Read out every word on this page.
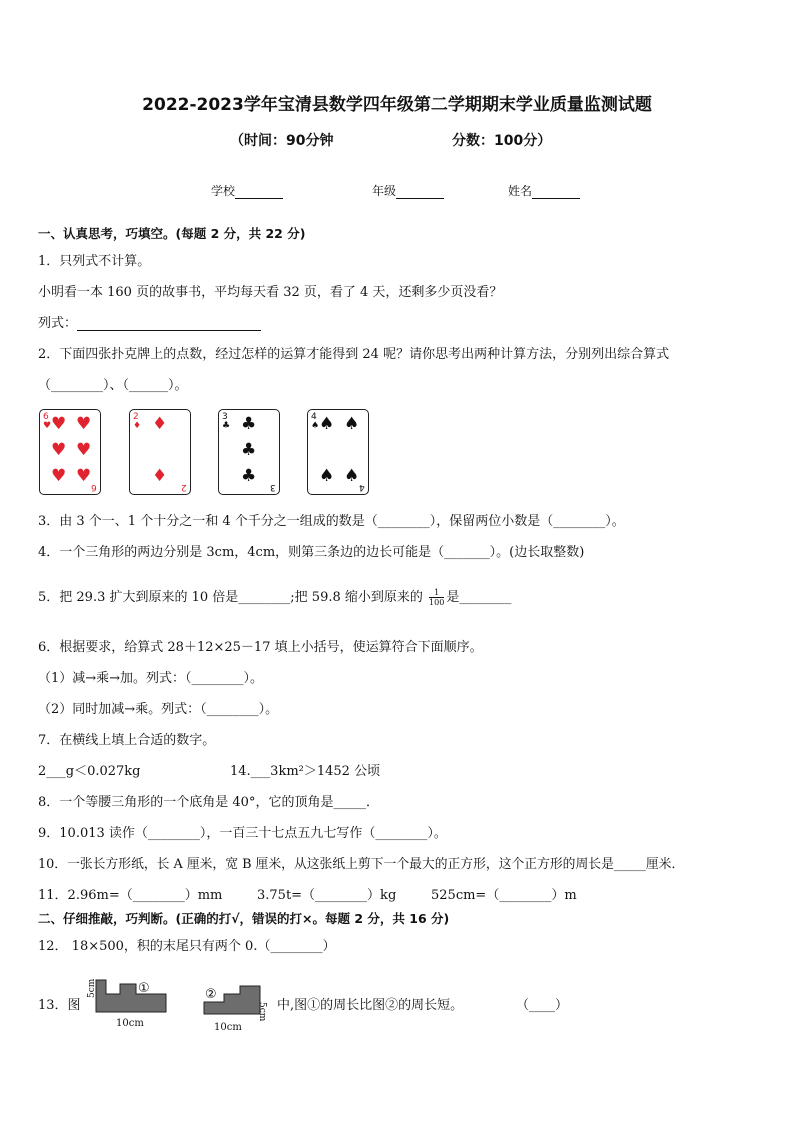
2022-2023学年宝清县数学四年级第二学期期末学业质量监测试题
（时间：90分钟	分数：100分）
学校	年级	姓名
一、认真思考，巧填空。(每题 2 分，共 22 分)
1．只列式不计算。
小明看一本 160 页的故事书，平均每天看 32 页，看了 4 天，还剩多少页没看？
列式：
2．下面四张扑克牌上的点数，经过怎样的运算才能得到 24 呢？请你思考出两种计算方法，分别列出综合算式
（________）、（______）。
6
♥ ♥ ♥
♥ ♥
♥ ♥
6
2
♦ ♦
♦
2
3
♣ ♣
♣
♣
3
4
♠ ♠ ♠
♠ ♠
4
3．由 3 个一、1 个十分之一和 4 个千分之一组成的数是（________），保留两位小数是（________）。
4．一个三角形的两边分别是 3cm，4cm，则第三条边的边长可能是（_______）。(边长取整数)
5．把 29.3 扩大到原来的 10 倍是________;把 59.8 缩小到原来的 $\frac{1}{100}$ 是________
6．根据要求，给算式 28＋12×25－17 填上小括号，使运算符合下面顺序。
（1）减→乘→加。列式：（________）。
（2）同时加减→乘。列式：（________）。
7．在横线上填上合适的数字。
2___g＜0.027kg	14.___3km²＞1452 公顷
8．一个等腰三角形的一个底角是 40°，它的顶角是_____．
9．10.013 读作（________），一百三十七点五九七写作（________）。
10．一张长方形纸，长 A 厘米，宽 B 厘米，从这张纸上剪下一个最大的正方形，这个正方形的周长是_____厘米．
11．2.96m=（________）mm	3.75t=（________）kg	525cm=（________）m
二、仔细推敲，巧判断。(正确的打√，错误的打×。每题 2 分，共 16 分)
12． 18×500，积的末尾只有两个 0.（________）
13．图
5cm
10cm
①
5cm
10cm
②
中,图①的周长比图②的周长短。	（____）
